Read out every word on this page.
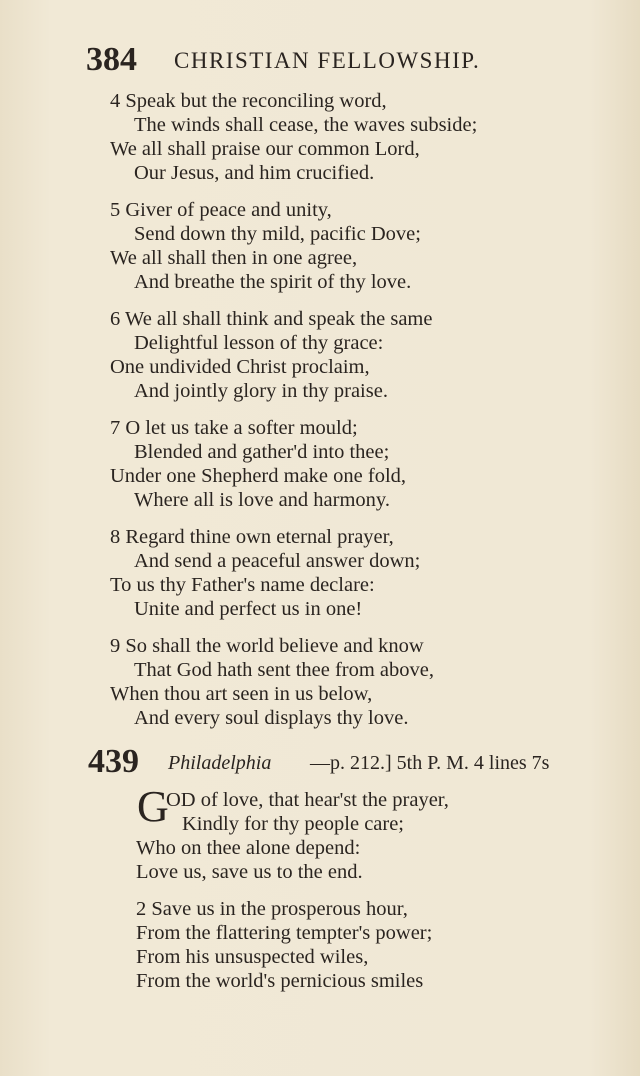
384 CHRISTIAN FELLOWSHIP.
4 Speak but the reconciling word,
The winds shall cease, the waves subside;
We all shall praise our common Lord,
Our Jesus, and him crucified.
5 Giver of peace and unity,
Send down thy mild, pacific Dove;
We all shall then in one agree,
And breathe the spirit of thy love.
6 We all shall think and speak the same
Delightful lesson of thy grace:
One undivided Christ proclaim,
And jointly glory in thy praise.
7 O let us take a softer mould;
Blended and gather'd into thee;
Under one Shepherd make one fold,
Where all is love and harmony.
8 Regard thine own eternal prayer,
And send a peaceful answer down;
To us thy Father's name declare:
Unite and perfect us in one!
9 So shall the world believe and know
That God hath sent thee from above,
When thou art seen in us below,
And every soul displays thy love.
439 Philadelphia —p. 212.] 5th P. M. 4 lines 7s
G
OD of love, that hear'st the prayer,
Kindly for thy people care;
Who on thee alone depend:
Love us, save us to the end.
2 Save us in the prosperous hour,
From the flattering tempter's power;
From his unsuspected wiles,
From the world's pernicious smiles
